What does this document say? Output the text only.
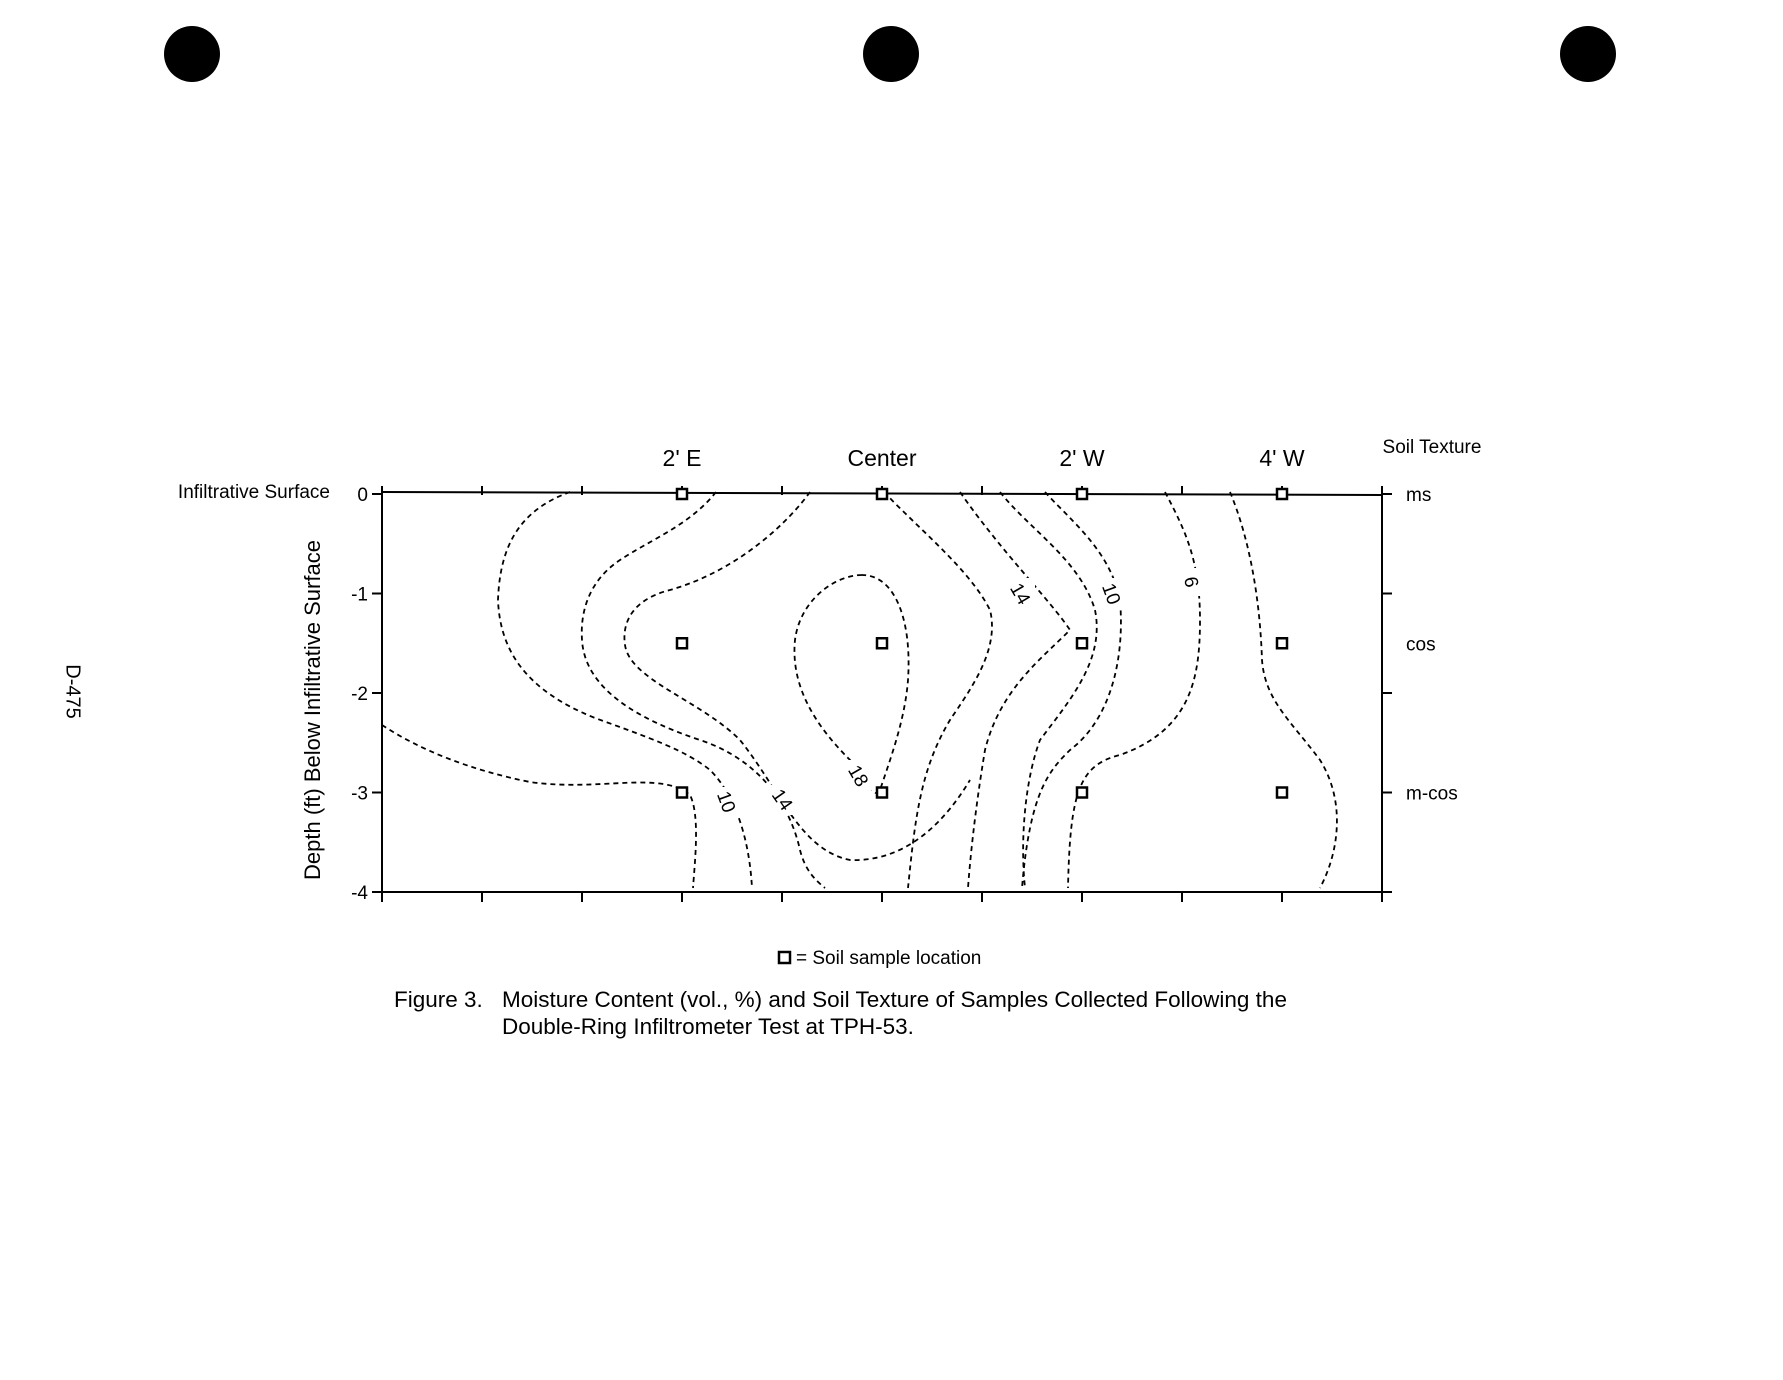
D-475
14	10	6
18
10 14
0
-1
-2
-3
-4
2' E	Center	2' W	4' W
ms
cos
m-cos
Infiltrative Surface
Depth (ft) Below Infiltrative Surface
Soil Texture
= Soil sample location
Figure 3. Moisture Content (vol., %) and Soil Texture of Samples Collected Following the
Double-Ring Infiltrometer Test at TPH-53.
